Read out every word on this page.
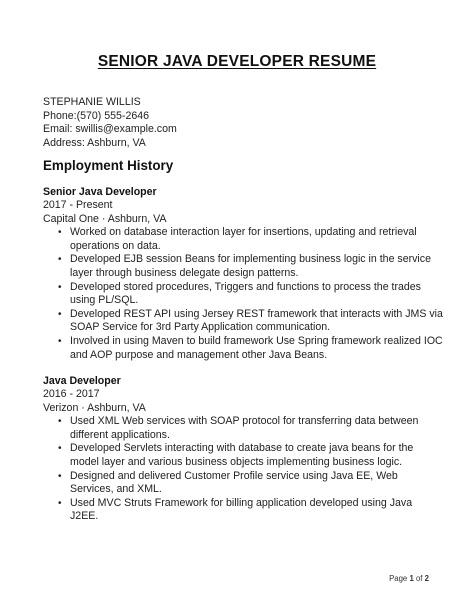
SENIOR JAVA DEVELOPER RESUME
STEPHANIE WILLIS
Phone:(570) 555-2646
Email: swillis@example.com
Address: Ashburn, VA
Employment History
Senior Java Developer
2017 - Present
Capital One · Ashburn, VA
• Worked on database interaction layer for insertions, updating and retrieval operations on data.
• Developed EJB session Beans for implementing business logic in the service layer through business delegate design patterns.
• Developed stored procedures, Triggers and functions to process the trades using PL/SQL.
• Developed REST API using Jersey REST framework that interacts with JMS via SOAP Service for 3rd Party Application communication.
• Involved in using Maven to build framework Use Spring framework realized IOC and AOP purpose and management other Java Beans.
Java Developer
2016 - 2017
Verizon · Ashburn, VA
• Used XML Web services with SOAP protocol for transferring data between different applications.
• Developed Servlets interacting with database to create java beans for the model layer and various business objects implementing business logic.
• Designed and delivered Customer Profile service using Java EE, Web Services, and XML.
• Used MVC Struts Framework for billing application developed using Java J2EE.
Page 1 of 2
